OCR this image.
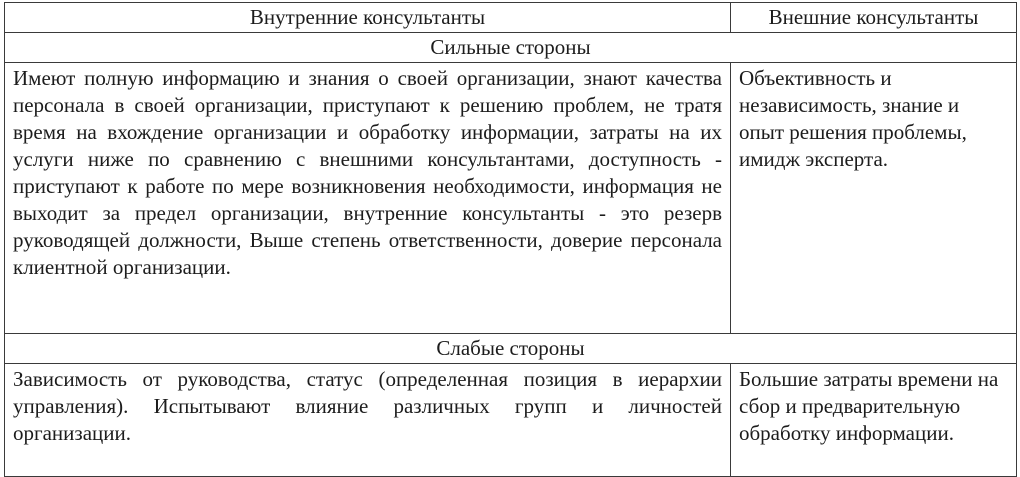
Внутренние консультанты	Внешние консультанты
Сильные стороны	
Имеют полную информацию и знания о своей организации, знают качества персонала в своей организации, приступают к решению проблем, не тратя время на вхождение организации и обработку информации, затраты на их услуги ниже по сравнению с внешними консультантами, доступность - приступают к работе по мере возникновения необходимости, информация не выходит за предел организации, внутренние консультанты - это резерв руководящей должности, Выше степень ответственности, доверие персонала клиентной организации.	Объективность и независимость, знание и опыт решения проблемы, имидж эксперта.
Слабые стороны	
Зависимость от руководства, статус (определенная позиция в иерархии управления). Испытывают влияние различных групп и личностей организации.	Большие затраты времени на сбор и предварительную обработку информации.
